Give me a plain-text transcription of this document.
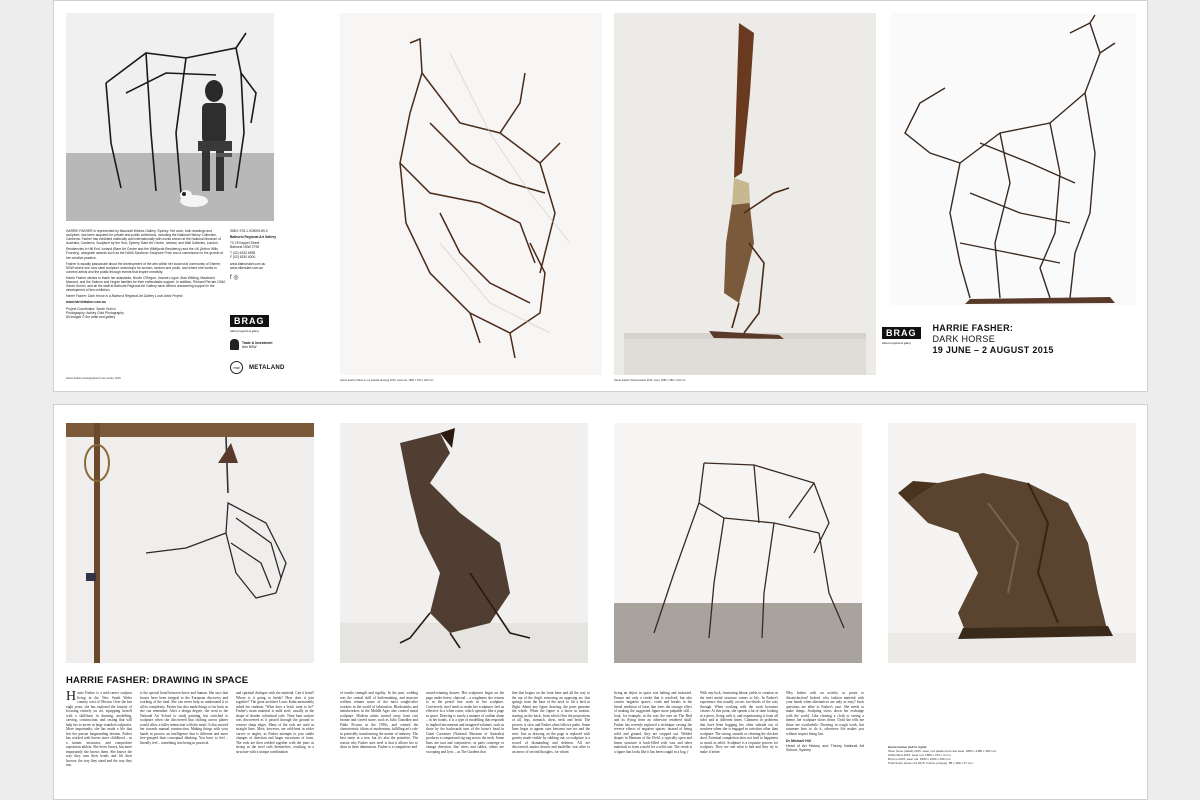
HARRIE FASHER is represented by Maunsell Wickes Gallery, Sydney. Her work, both drawings and sculpture, has been acquired for private and public collections, including the National History Collection, Canberra. Fasher has exhibited nationally and internationally with works shown at the National Museum of Australia, Canberra, Sculpture by the Sea, Sydney, Baer Art Centre, Iceland, and Wall Galleries, London.

Residencies in Hill End, Iceland (Baer Art Centre and the Wildfjords Residency) and the UK (Arthur Wills Foundry), alongside awards such as the NAVA Sandover Sculpture Prize and a commission to the growth of her creative practice.

Fasher is equally passionate about the development of the arts within her local rural community of Sherrie, NSW where she runs steel sculpture workshops for women, seniors and youth, and where she works to connect artists and the public through events that inspire creativity.

Harrie Fasher wishes to thank her assistants, Nicole O'Regan, Joanne Logue, Alan Wilding, Macleand Mamont, and the Salmon and Hogan families for their enthusiastic support. In addition, Richard Perram OAM, Sarah Gurich, and all the staff at Bathurst Regional Art Gallery have offered unwavering support in the development of this exhibition.

Harrie Fasher: Dark Horse is a Bathurst Regional Art Gallery Local Artist Project.

www.harriefasher.com.au

Project Coordinator: Sarah Gurich
Photography: Ashley Gold Photography
All images © the artist and gallery
ISBN: 978-1-925009-89-0
Bathurst Regional Art Gallery
70-78 Keppel Street
Bathurst NSW 2795
T (02) 6333 6555
F (02) 6330 6000
www.bathurstart.com.au
www.hillendart.com.au
f ◎
BRAG
bathurst regional art gallery
Trade & Investment
Arts NSW
mw	METALAND
Harrie Fasher photographed in her studio, 2015
Harrie Fasher Maria in out pasada drawing 2015, steel rod, 1880 x 540 x 280 mm	Harrie Fasher Sheherazade 2015, steel, 1880 x 388 x 210 mm
BRAG
bathurst regional art gallery
HARRIE FASHER:
DARK HORSE
19 JUNE – 2 AUGUST 2015
HARRIE FASHER: DRAWING IN SPACE
Harrie Fasher is a mid-career sculptor living in the New South Wales country west of Oberon. Over the last eight years, she has explored the futurity of focusing entirely on art, equipping herself with a skill-base in drawing, modelling, carving, construction, and casting that will help her to arrive at large rounded sculptures. More importantly, she has made a life that lets her pursue longstanding dreams. Fasher has worked with horses since childhood – as a trainer, instructor, and competitive equestrian athlete. She loves horses, but more importantly she knows them. She knows the way they turn their heads and lift their hooves; the way they stand and the way they run.
is the special bond between horse and human. She says that horses have been integral to the European discovery and working of the land. She can never help us understand it in all its complexity. Fasher has also made things so far back as she can remember. After a design degree, she went to the National Art School to study painting, but switched to sculpture when she discovered that shifting across planes would allow a fuller interaction with the motif. It also moved her towards manual construction. Making things with your hands in process an intelligence that is different and more free-grasped than conceptual thinking. You have to feel – literally feel – something into being in practical.
and spiritual dialogue with the material. Can it bend? Where is it going to break? How does it join together? The great architect Louis Kahn memorably asked his students, 'What does a brick want to be?' Fasher's main material is mild steel, usually in the shape of slender cylindrical rods. Their bare surface was discovered as it passed through the ground to remove sharp edges. Many of the rods are used as straight lines. Most, however, are cold-bent in wider curves or angles, as Fasher attempts to join subtle changes of direction and larger curvatures of form. The rods are then welded together with the joins as strong as the steel rods themselves, resulting in a structure with a unique combination
of tensile strength and rigidity. In the past, welding was the central skill of boilermaking, and massive welders remain some of the most sought-after workers in the world of fabrication. Blacksmiths and metalworkers in the Middle Ages also created metal sculpture. Modern artists moved away from cast bronze and carved stone, such as Julio González and Pablo Picasso in the 1930s, and created the characteristic idiom of modernism, fulfilling art's role in poetically transforming the matter of industry. The best sense in a tree, but it's also the primitive. The reason why Fasher uses steel is that it allows her to draw in three dimensions. Fasher is a compulsive and
award-winning drawer. Her sculptures begin on the page under heavy charcoal – a roughness she returns to in the pencil line work in her sculpture. Conversely, steel tends to make her sculptures feel as effective in a white room, which operates like a page in space. Drawing is surely a manner of outline alone – in her hands, it is a type of modelling that responds to implied movements and imagined volumes, such as those by the backwards turn of the horse's head in Giant Curvature (National Museum of Australia) produces a compressed zig-zag across the neck. Some lines are taut and conjunctive, as parts converge or change direction, like wires and cables, others are swooping and lyric – as The Gardens that
line that begins on the front knee and all the way to the top of the thigh, mirroring an opposing arc that springs from the base of the neck to lift a bird in flight. Admit any figure drawing, the parts generate the whole. When the figure is a horse in motion, starting on the back, from which flow the proportions of all, legs, stomach, chest, neck and head. The process is slow and Fasher often follows paths. Some lines begin to appear cues between one arc and the next. Just as drawing on the page is replaced with gravity made visible by rubbing out, so sculpture is a record of dismantling and deletion. All are discovered, master drawer and modeller, was alive to an arrow of second thoughts, for whom
living an object in space was halting and awkward. Ensure not only a stroke that is resolved, but also creates 'negative spaces', voids and breaks in the literal rendition of form that frees the onstage effect of making the suggested figure more palpable still – look, for example, at the way the ears on The Bird and its flying from an otherwise rendered skull. Fasher has recently explored a technique casting the reverse effects of negative spaces: instead of being solid and ground, they are cropped out. Welded shapes in Hansom of the Field, a typically open and linear structure is back-filled with wax and other materials to form a mold for a solid cast. The result is a figure that looks like it has been caught in a bog. (
With any luck, frustrating labour yields to creation as the inert metal structure comes to life. In Fasher's experience this usually occurs two-thirds of the way through. When working with the work becomes clearer. At this point, she spends a lot of time looking at a piece, living with it, and experiencing it from all sides and at different times. Calmness in problems that have been bugging her often subside out of nowhere when she is engaged in activities other than sculpture. The strong, smooth or cleaning the chicken shed. Eventual completion does not lead to happiness so much as relief. Sculpture is a requisite process for sculptors. They see one what is bad and they try to make it better.
Why bother with an activity so prone to dissatisfaction? Indeed, why fashion material with your hands when alternatives are only as easy? Such questions are alike to Fasher's case. She needs to make things. Sculpting slows down her exchange with the world. Like clearing a cloth or seeing a theme, her sculpture slows down. Until she tells me those are worthwhile. Drawing in rough work, but someone how to do it, otherwise life makes you without respect being lost.
Dr Michael Hill
Head of Art History and Theory National Art School, Sydney
Harrie Fasher (left to right):
Shoe horse (detail) 2015, steel, red plaster and cast steel, 1880 x 1380 x 380 mm.
Gibbrodina 2015, steel rod, 1880 x 370 x 4 mm.
Bronco 2015, steel rod, 1880 x 1600 x 180 mm.
Preliminary Horse rod 2015, bronze (unique), 88 x 180 x 37 mm.
